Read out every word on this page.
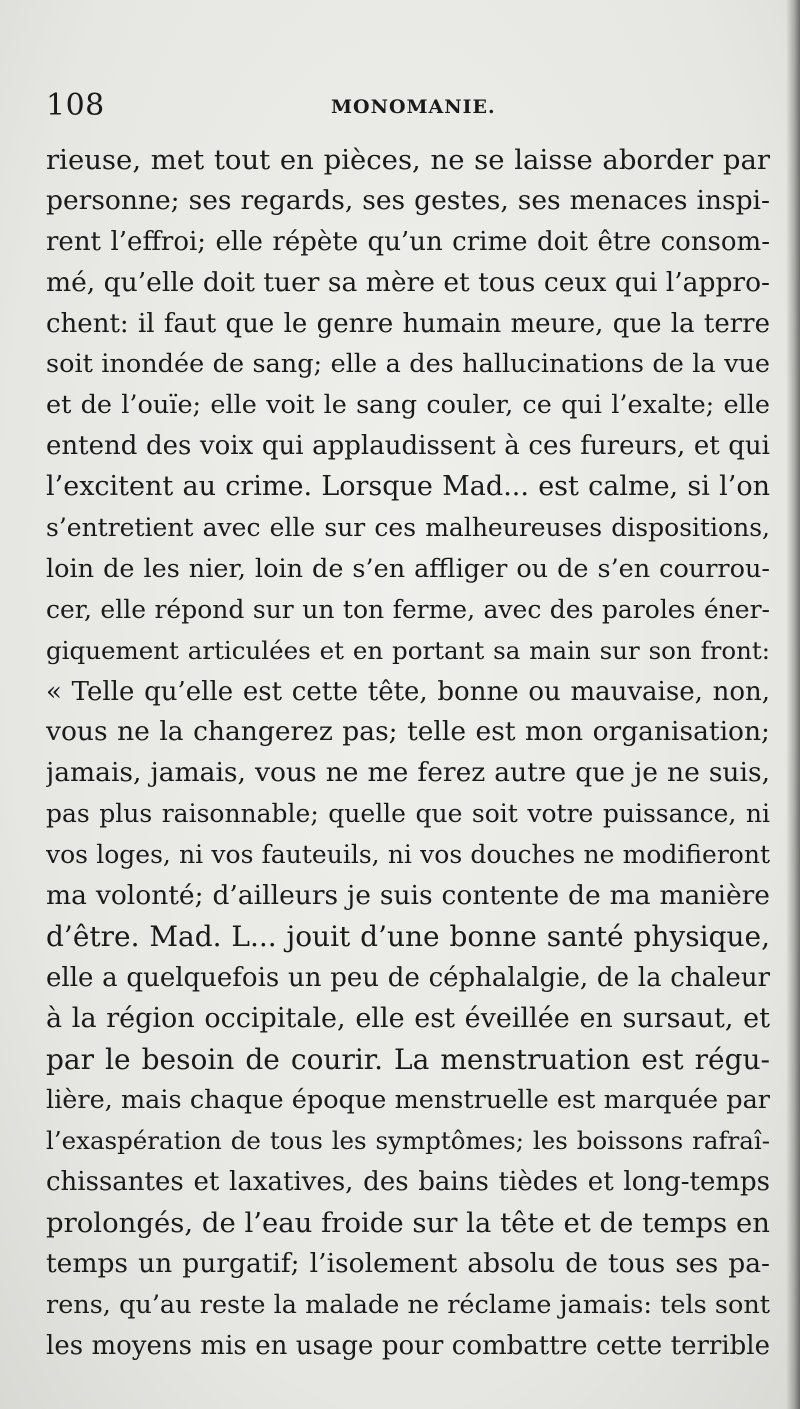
108	MONOMANIE.
rieuse, met tout en pièces, ne se laisse aborder par
personne; ses regards, ses gestes, ses menaces inspi-
rent l’effroi; elle répète qu’un crime doit être consom-
mé, qu’elle doit tuer sa mère et tous ceux qui l’appro-
chent: il faut que le genre humain meure, que la terre
soit inondée de sang; elle a des hallucinations de la vue
et de l’ouïe; elle voit le sang couler, ce qui l’exalte; elle
entend des voix qui applaudissent à ces fureurs, et qui
l’excitent au crime. Lorsque Mad... est calme, si l’on
s’entretient avec elle sur ces malheureuses dispositions,
loin de les nier, loin de s’en affliger ou de s’en courrou-
cer, elle répond sur un ton ferme, avec des paroles éner-
giquement articulées et en portant sa main sur son front:
« Telle qu’elle est cette tête, bonne ou mauvaise, non,
vous ne la changerez pas; telle est mon organisation;
jamais, jamais, vous ne me ferez autre que je ne suis,
pas plus raisonnable; quelle que soit votre puissance, ni
vos loges, ni vos fauteuils, ni vos douches ne modifieront
ma volonté; d’ailleurs je suis contente de ma manière
d’être. Mad. L... jouit d’une bonne santé physique,
elle a quelquefois un peu de céphalalgie, de la chaleur
à la région occipitale, elle est éveillée en sursaut, et
par le besoin de courir. La menstruation est régu-
lière, mais chaque époque menstruelle est marquée par
l’exaspération de tous les symptômes; les boissons rafraî-
chissantes et laxatives, des bains tièdes et long-temps
prolongés, de l’eau froide sur la tête et de temps en
temps un purgatif; l’isolement absolu de tous ses pa-
rens, qu’au reste la malade ne réclame jamais: tels sont
les moyens mis en usage pour combattre cette terrible
